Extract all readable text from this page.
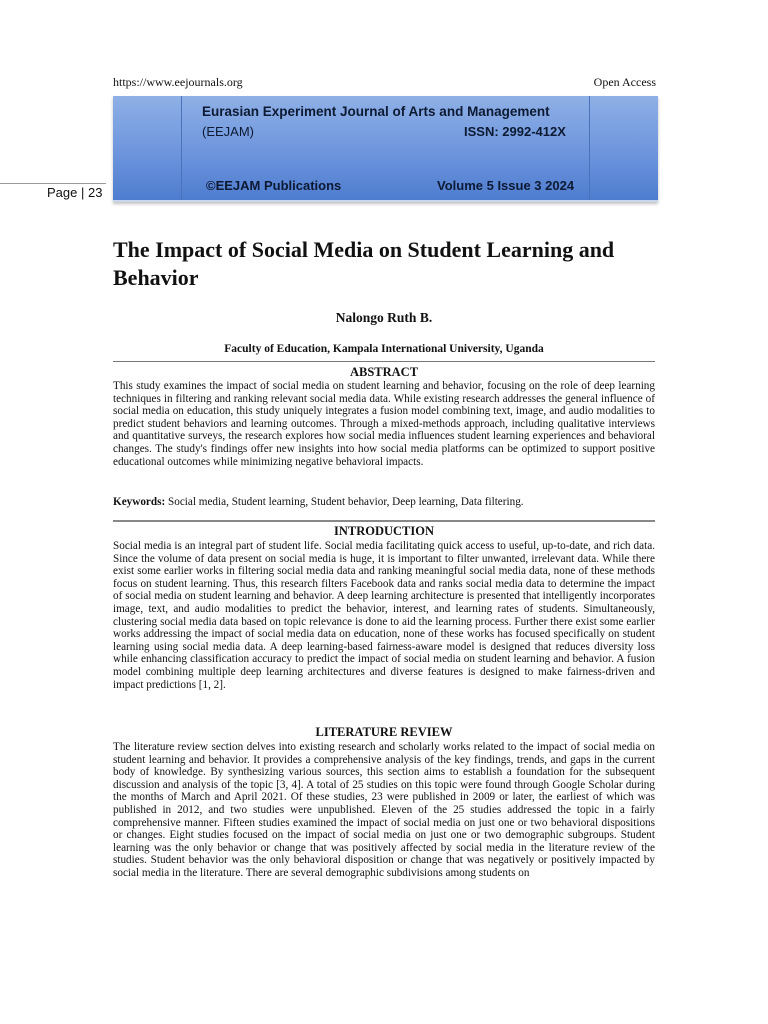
https://www.eejournals.org	Open Access
Eurasian Experiment Journal of Arts and Management
(EEJAM)	ISSN: 2992-412X
©EEJAM Publications	Volume 5 Issue 3 2024
Page | 23
The Impact of Social Media on Student Learning and Behavior
Nalongo Ruth B.
Faculty of Education, Kampala International University, Uganda
ABSTRACT

This study examines the impact of social media on student learning and behavior, focusing on the role of deep learning techniques in filtering and ranking relevant social media data. While existing research addresses the general influence of social media on education, this study uniquely integrates a fusion model combining text, image, and audio modalities to predict student behaviors and learning outcomes. Through a mixed-methods approach, including qualitative interviews and quantitative surveys, the research explores how social media influences student learning experiences and behavioral changes. The study's findings offer new insights into how social media platforms can be optimized to support positive educational outcomes while minimizing negative behavioral impacts.

Keywords: Social media, Student learning, Student behavior, Deep learning, Data filtering.
INTRODUCTION

Social media is an integral part of student life. Social media facilitating quick access to useful, up-to-date, and rich data. Since the volume of data present on social media is huge, it is important to filter unwanted, irrelevant data. While there exist some earlier works in filtering social media data and ranking meaningful social media data, none of these methods focus on student learning. Thus, this research filters Facebook data and ranks social media data to determine the impact of social media on student learning and behavior. A deep learning architecture is presented that intelligently incorporates image, text, and audio modalities to predict the behavior, interest, and learning rates of students. Simultaneously, clustering social media data based on topic relevance is done to aid the learning process. Further there exist some earlier works addressing the impact of social media data on education, none of these works has focused specifically on student learning using social media data. A deep learning-based fairness-aware model is designed that reduces diversity loss while enhancing classification accuracy to predict the impact of social media on student learning and behavior. A fusion model combining multiple deep learning architectures and diverse features is designed to make fairness-driven and impact predictions [1, 2].

LITERATURE REVIEW

The literature review section delves into existing research and scholarly works related to the impact of social media on student learning and behavior. It provides a comprehensive analysis of the key findings, trends, and gaps in the current body of knowledge. By synthesizing various sources, this section aims to establish a foundation for the subsequent discussion and analysis of the topic [3, 4]. A total of 25 studies on this topic were found through Google Scholar during the months of March and April 2021. Of these studies, 23 were published in 2009 or later, the earliest of which was published in 2012, and two studies were unpublished. Eleven of the 25 studies addressed the topic in a fairly comprehensive manner. Fifteen studies examined the impact of social media on just one or two behavioral dispositions or changes. Eight studies focused on the impact of social media on just one or two demographic subgroups. Student learning was the only behavior or change that was positively affected by social media in the literature review of the studies. Student behavior was the only behavioral disposition or change that was negatively or positively impacted by social media in the literature. There are several demographic subdivisions among students on
